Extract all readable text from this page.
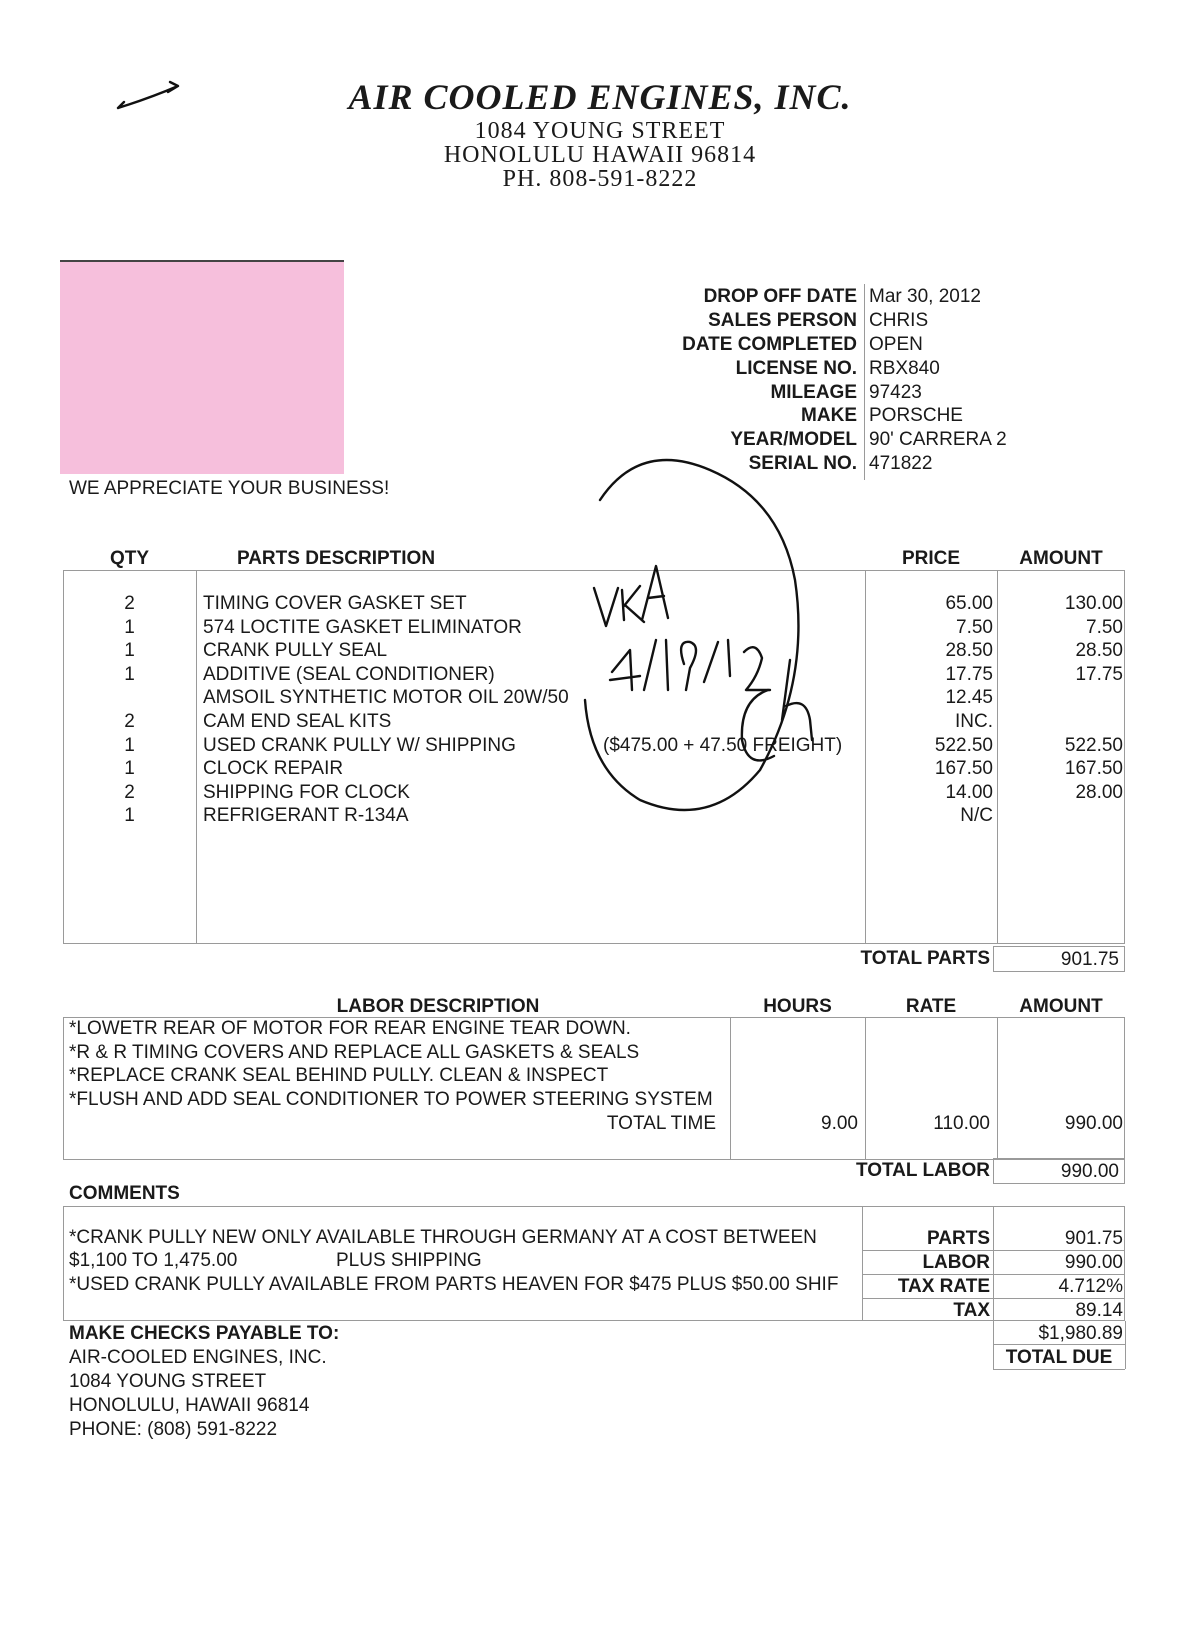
AIR COOLED ENGINES, INC.
1084 YOUNG STREET
HONOLULU HAWAII 96814
PH. 808-591-8222
WE APPRECIATE YOUR BUSINESS!
DROP OFF DATE Mar 30, 2012
SALES PERSON CHRIS
DATE COMPLETED OPEN
LICENSE NO. RBX840
MILEAGE 97423
MAKE PORSCHE
YEAR/MODEL 90' CARRERA 2
SERIAL NO. 471822
QTY	PARTS DESCRIPTION	PRICE	AMOUNT
2	TIMING COVER GASKET SET	65.00	130.00
1	574 LOCTITE GASKET ELIMINATOR	7.50	7.50
1	CRANK PULLY SEAL	28.50	28.50
1	ADDITIVE (SEAL CONDITIONER)	17.75	17.75
AMSOIL SYNTHETIC MOTOR OIL 20W/50	12.45
2	CAM END SEAL KITS	INC.
1	USED CRANK PULLY W/ SHIPPING	($475.00 + 47.50 FREIGHT)	522.50	522.50
1	CLOCK REPAIR	167.50	167.50
2	SHIPPING FOR CLOCK	14.00	28.00
1	REFRIGERANT R-134A	N/C
TOTAL PARTS	901.75
LABOR DESCRIPTION	HOURS	RATE	AMOUNT
*LOWETR REAR OF MOTOR FOR REAR ENGINE TEAR DOWN.
*R & R TIMING COVERS AND REPLACE ALL GASKETS & SEALS
*REPLACE CRANK SEAL BEHIND PULLY. CLEAN & INSPECT
*FLUSH AND ADD SEAL CONDITIONER TO POWER STEERING SYSTEM
TOTAL TIME	9.00	110.00	990.00
TOTAL LABOR	990.00
COMMENTS
*CRANK PULLY NEW ONLY AVAILABLE THROUGH GERMANY AT A COST BETWEEN
$1,100 TO 1,475.00	PLUS SHIPPING
*USED CRANK PULLY AVAILABLE FROM PARTS HEAVEN FOR $475 PLUS $50.00 SHIF
PARTS	901.75
LABOR	990.00
TAX RATE	4.712%
TAX	89.14
$1,980.89
TOTAL DUE
MAKE CHECKS PAYABLE TO:
AIR-COOLED ENGINES, INC.
1084 YOUNG STREET
HONOLULU, HAWAII 96814
PHONE: (808) 591-8222
